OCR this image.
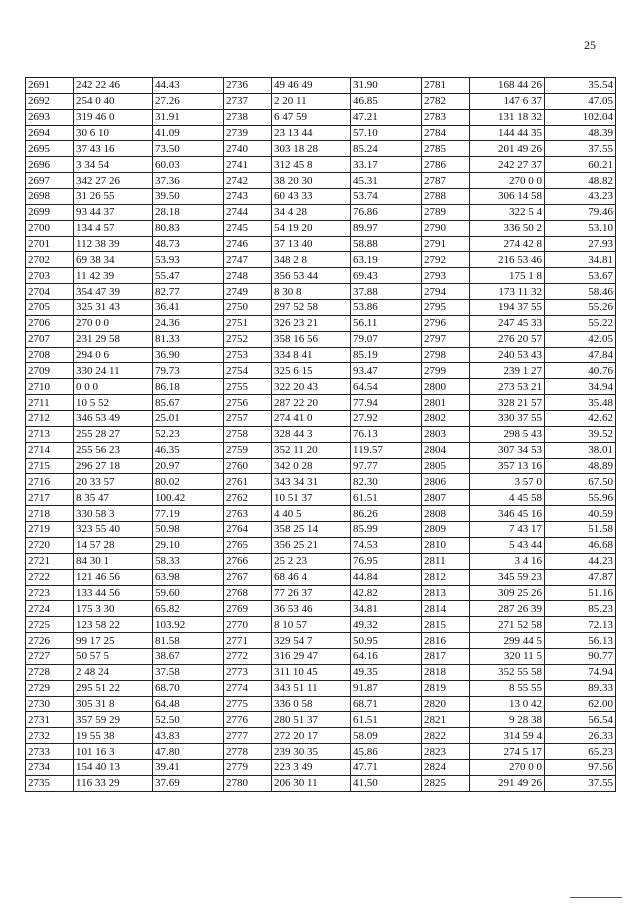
25
2691	242 22 46	44.43	2736	49 46 49	31.90	2781	168 44 26	35.54
2692	254 0 40	27.26	2737	2 20 11	46.85	2782	147 6 37	47.05
2693	319 46 0	31.91	2738	6 47 59	47.21	2783	131 18 32	102.04
2694	30 6 10	41.09	2739	23 13 44	57.10	2784	144 44 35	48.39
2695	37 43 16	73.50	2740	303 18 28	85.24	2785	201 49 26	37.55
2696	3 34 54	60.03	2741	312 45 8	33.17	2786	242 27 37	60.21
2697	342 27 26	37.36	2742	38 20 30	45.31	2787	270 0 0	48.82
2698	31 26 55	39.50	2743	60 43 33	53.74	2788	306 14 58	43.23
2699	93 44 37	28.18	2744	34 4 28	76.86	2789	322 5 4	79.46
2700	134 4 57	80.83	2745	54 19 20	89.97	2790	336 50 2	53.10
2701	112 38 39	48.73	2746	37 13 40	58.88	2791	274 42 8	27.93
2702	69 38 34	53.93	2747	348 2 8	63.19	2792	216 53 46	34.81
2703	11 42 39	55.47	2748	356 53 44	69.43	2793	175 1 8	53.67
2704	354 47 39	82.77	2749	8 30 8	37.88	2794	173 11 32	58.46
2705	325 31 43	36.41	2750	297 52 58	53.86	2795	194 37 55	55.26
2706	270 0 0	24.36	2751	326 23 21	56.11	2796	247 45 33	55.22
2707	231 29 58	81.33	2752	358 16 56	79.07	2797	276 20 57	42.05
2708	294 0 6	36.90	2753	334 8 41	85.19	2798	240 53 43	47.84
2709	330 24 11	79.73	2754	325 6 15	93.47	2799	239 1 27	40.76
2710	0 0 0	86.18	2755	322 20 43	64.54	2800	273 53 21	34.94
2711	10 5 52	85.67	2756	287 22 20	77.94	2801	328 21 57	35.48
2712	346 53 49	25.01	2757	274 41 0	27.92	2802	330 37 55	42.62
2713	255 28 27	52.23	2758	328 44 3	76.13	2803	298 5 43	39.52
2714	255 56 23	46.35	2759	352 11 20	119.57	2804	307 34 53	38.01
2715	296 27 18	20.97	2760	342 0 28	97.77	2805	357 13 16	48.89
2716	20 33 57	80.02	2761	343 34 31	82.30	2806	3 57 0	67.50
2717	8 35 47	100.42	2762	10 51 37	61.51	2807	4 45 58	55.96
2718	330 58 3	77.19	2763	4 40 5	86.26	2808	346 45 16	40.59
2719	323 55 40	50.98	2764	358 25 14	85.99	2809	7 43 17	51.58
2720	14 57 28	29.10	2765	356 25 21	74.53	2810	5 43 44	46.68
2721	84 30 1	58.33	2766	25 2 23	76.95	2811	3 4 16	44.23
2722	121 46 56	63.98	2767	68 46 4	44.84	2812	345 59 23	47.87
2723	133 44 56	59.60	2768	77 26 37	42.82	2813	309 25 26	51.16
2724	175 3 30	65.82	2769	36 53 46	34.81	2814	287 26 39	85.23
2725	123 58 22	103.92	2770	8 10 57	49.32	2815	271 52 58	72.13
2726	99 17 25	81.58	2771	329 54 7	50.95	2816	299 44 5	56.13
2727	50 57 5	38.67	2772	316 29 47	64.16	2817	320 11 5	90.77
2728	2 48 24	37.58	2773	311 10 45	49.35	2818	352 55 58	74.94
2729	295 51 22	68.70	2774	343 51 11	91.87	2819	8 55 55	89.33
2730	305 31 8	64.48	2775	336 0 58	68.71	2820	13 0 42	62.00
2731	357 59 29	52.50	2776	280 51 37	61.51	2821	9 28 38	56.54
2732	19 55 38	43.83	2777	272 20 17	58.09	2822	314 59 4	26.33
2733	101 16 3	47.80	2778	239 30 35	45.86	2823	274 5 17	65.23
2734	154 40 13	39.41	2779	223 3 49	47.71	2824	270 0 0	97.56
2735	116 33 29	37.69	2780	206 30 11	41.50	2825	291 49 26	37.55
